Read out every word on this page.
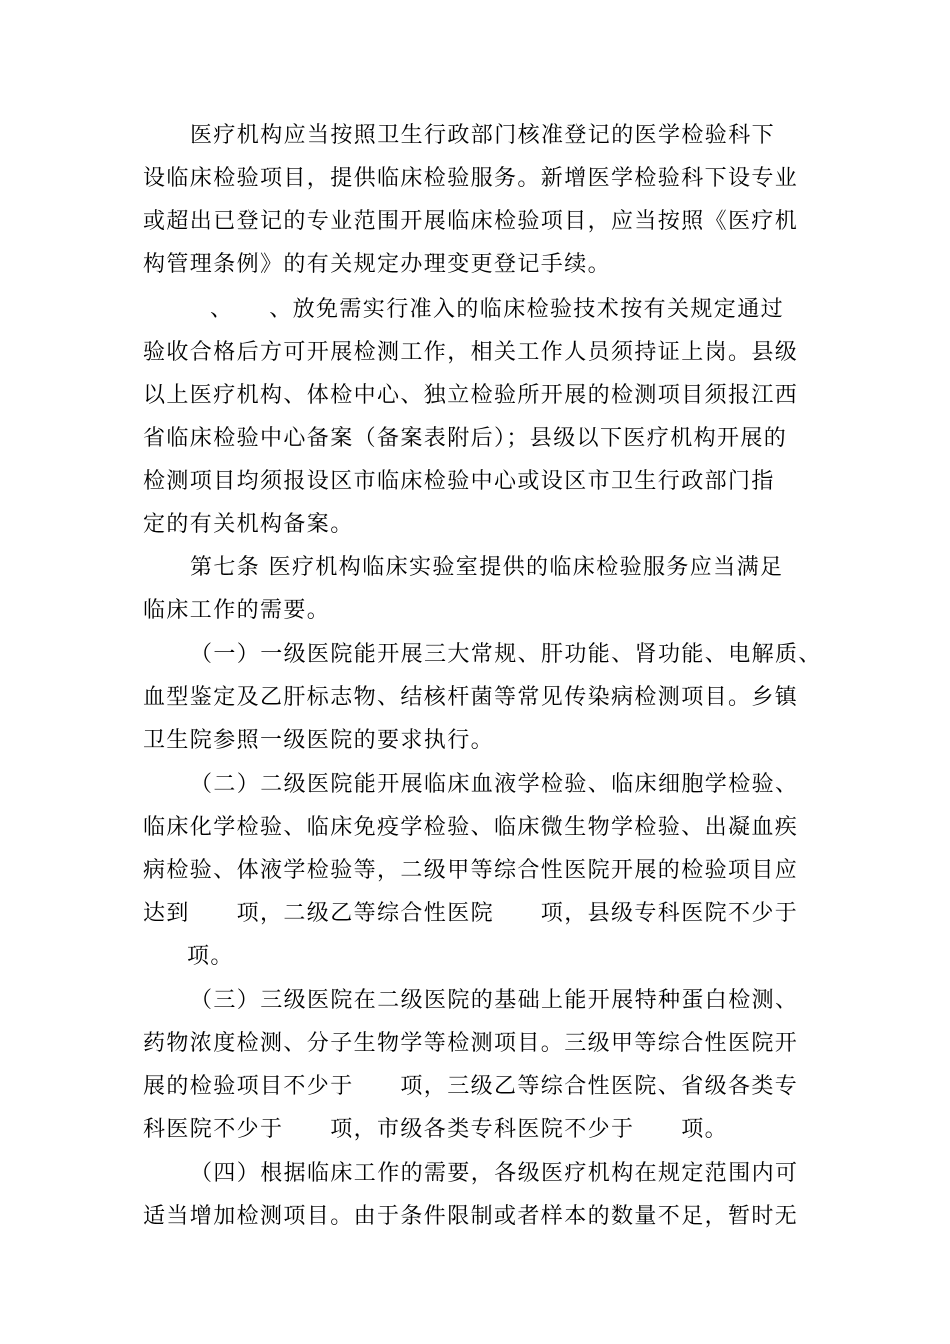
医疗机构应当按照卫生行政部门核准登记的医学检验科下
设临床检验项目，提供临床检验服务。新增医学检验科下设专业
或超出已登记的专业范围开展临床检验项目，应当按照《医疗机
构管理条例》的有关规定办理变更登记手续。
、　　、放免需实行准入的临床检验技术按有关规定通过
验收合格后方可开展检测工作，相关工作人员须持证上岗。县级
以上医疗机构、体检中心、独立检验所开展的检测项目须报江西
省临床检验中心备案（备案表附后）；县级以下医疗机构开展的
检测项目均须报设区市临床检验中心或设区市卫生行政部门指
定的有关机构备案。
第七条 医疗机构临床实验室提供的临床检验服务应当满足
临床工作的需要。
（一）一级医院能开展三大常规、肝功能、肾功能、电解质、
血型鉴定及乙肝标志物、结核杆菌等常见传染病检测项目。乡镇
卫生院参照一级医院的要求执行。
（二）二级医院能开展临床血液学检验、临床细胞学检验、
临床化学检验、临床免疫学检验、临床微生物学检验、出凝血疾
病检验、体液学检验等，二级甲等综合性医院开展的检验项目应
达到　　项，二级乙等综合性医院　　项，县级专科医院不少于
项。
（三）三级医院在二级医院的基础上能开展特种蛋白检测、
药物浓度检测、分子生物学等检测项目。三级甲等综合性医院开
展的检验项目不少于　　项，三级乙等综合性医院、省级各类专
科医院不少于　　项，市级各类专科医院不少于　　项。
（四）根据临床工作的需要，各级医疗机构在规定范围内可
适当增加检测项目。由于条件限制或者样本的数量不足，暂时无
